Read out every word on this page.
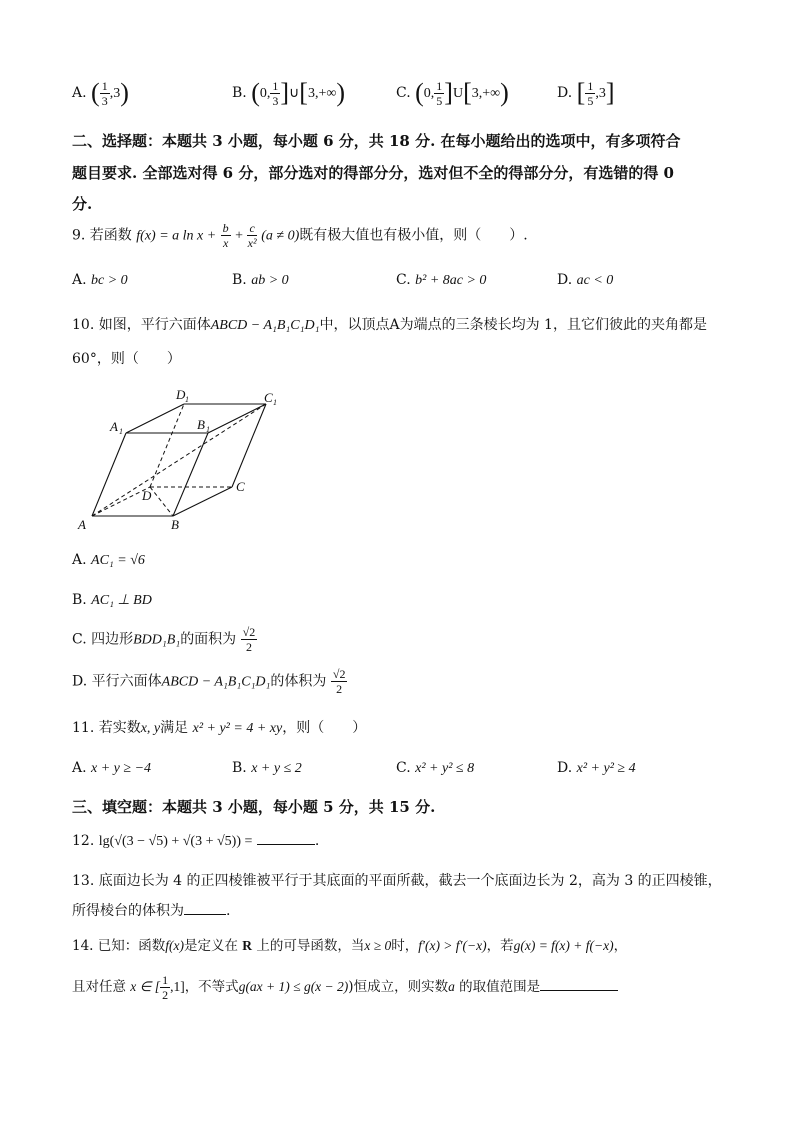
A. ( $\frac{1}{3} ,3$)	B. (0, $\frac{1}{3}$ ]∪[3,+∞)	C. (0, $\frac{1}{5} ]U[3,+\infty)$	D. [ $\frac{1}{5} ,3$]
二、选择题：本题共 3 小题，每小题 6 分，共 18 分. 在每小题给出的选项中，有多项符合
题目要求. 全部选对得 6 分，部分选对的得部分分，选对但不全的得部分分，有选错的得 0
分.
9. 若函数 f(x) = a $\ln x + \frac{b}{x} + \frac{c}{\text{x²}} (a \ne 0)$既有极大值也有极小值，则（　　）.
A. bc > 0	B. ab > 0	C. b² + 8ac > 0	D. ac < 0
10. 如图，平行六面体ABCD − A₁B₁C₁D₁中，以顶点A为端点的三条棱长均为 1，且它们彼此的夹角都是
60°，则（　　）
A	B
C
D
A 1	B 1
C 1
D 1
A. AC₁ = √6
B. AC₁ ⊥ BD
C. 四边形BDD₁B₁的面积为 $\frac{√2}{2}$
D. 平行六面体ABCD − A₁B₁C₁D₁的体积为 $\frac{√2}{2}$
11. 若实数x, y满足 x² + y² = 4 + xy，则（　　）
A. x + y ≥ −4	B. x + y ≤ 2	C. x² + y² ≤ 8	D. x² + y² ≥ 4
三、填空题：本题共 3 小题，每小题 5 分，共 15 分.
12. lg(√(3 − √5) + √(3 + √5)) =	.
13. 底面边长为 4 的正四棱锥被平行于其底面的平面所截，截去一个底面边长为 2，高为 3 的正四棱锥，
所得棱台的体积为	.
14. 已知：函数f(x)是定义在 R 上的可导函数，当x ≥ 0时，f′(x) > f′(−x)，若g(x) = f(x) + f(−x)，
且对任意 x ∈ [ $\frac{1}{2} ,1$]，不等式g(ax + 1) ≤ g(x − 2))恒成立，则实数a 的取值范围是
